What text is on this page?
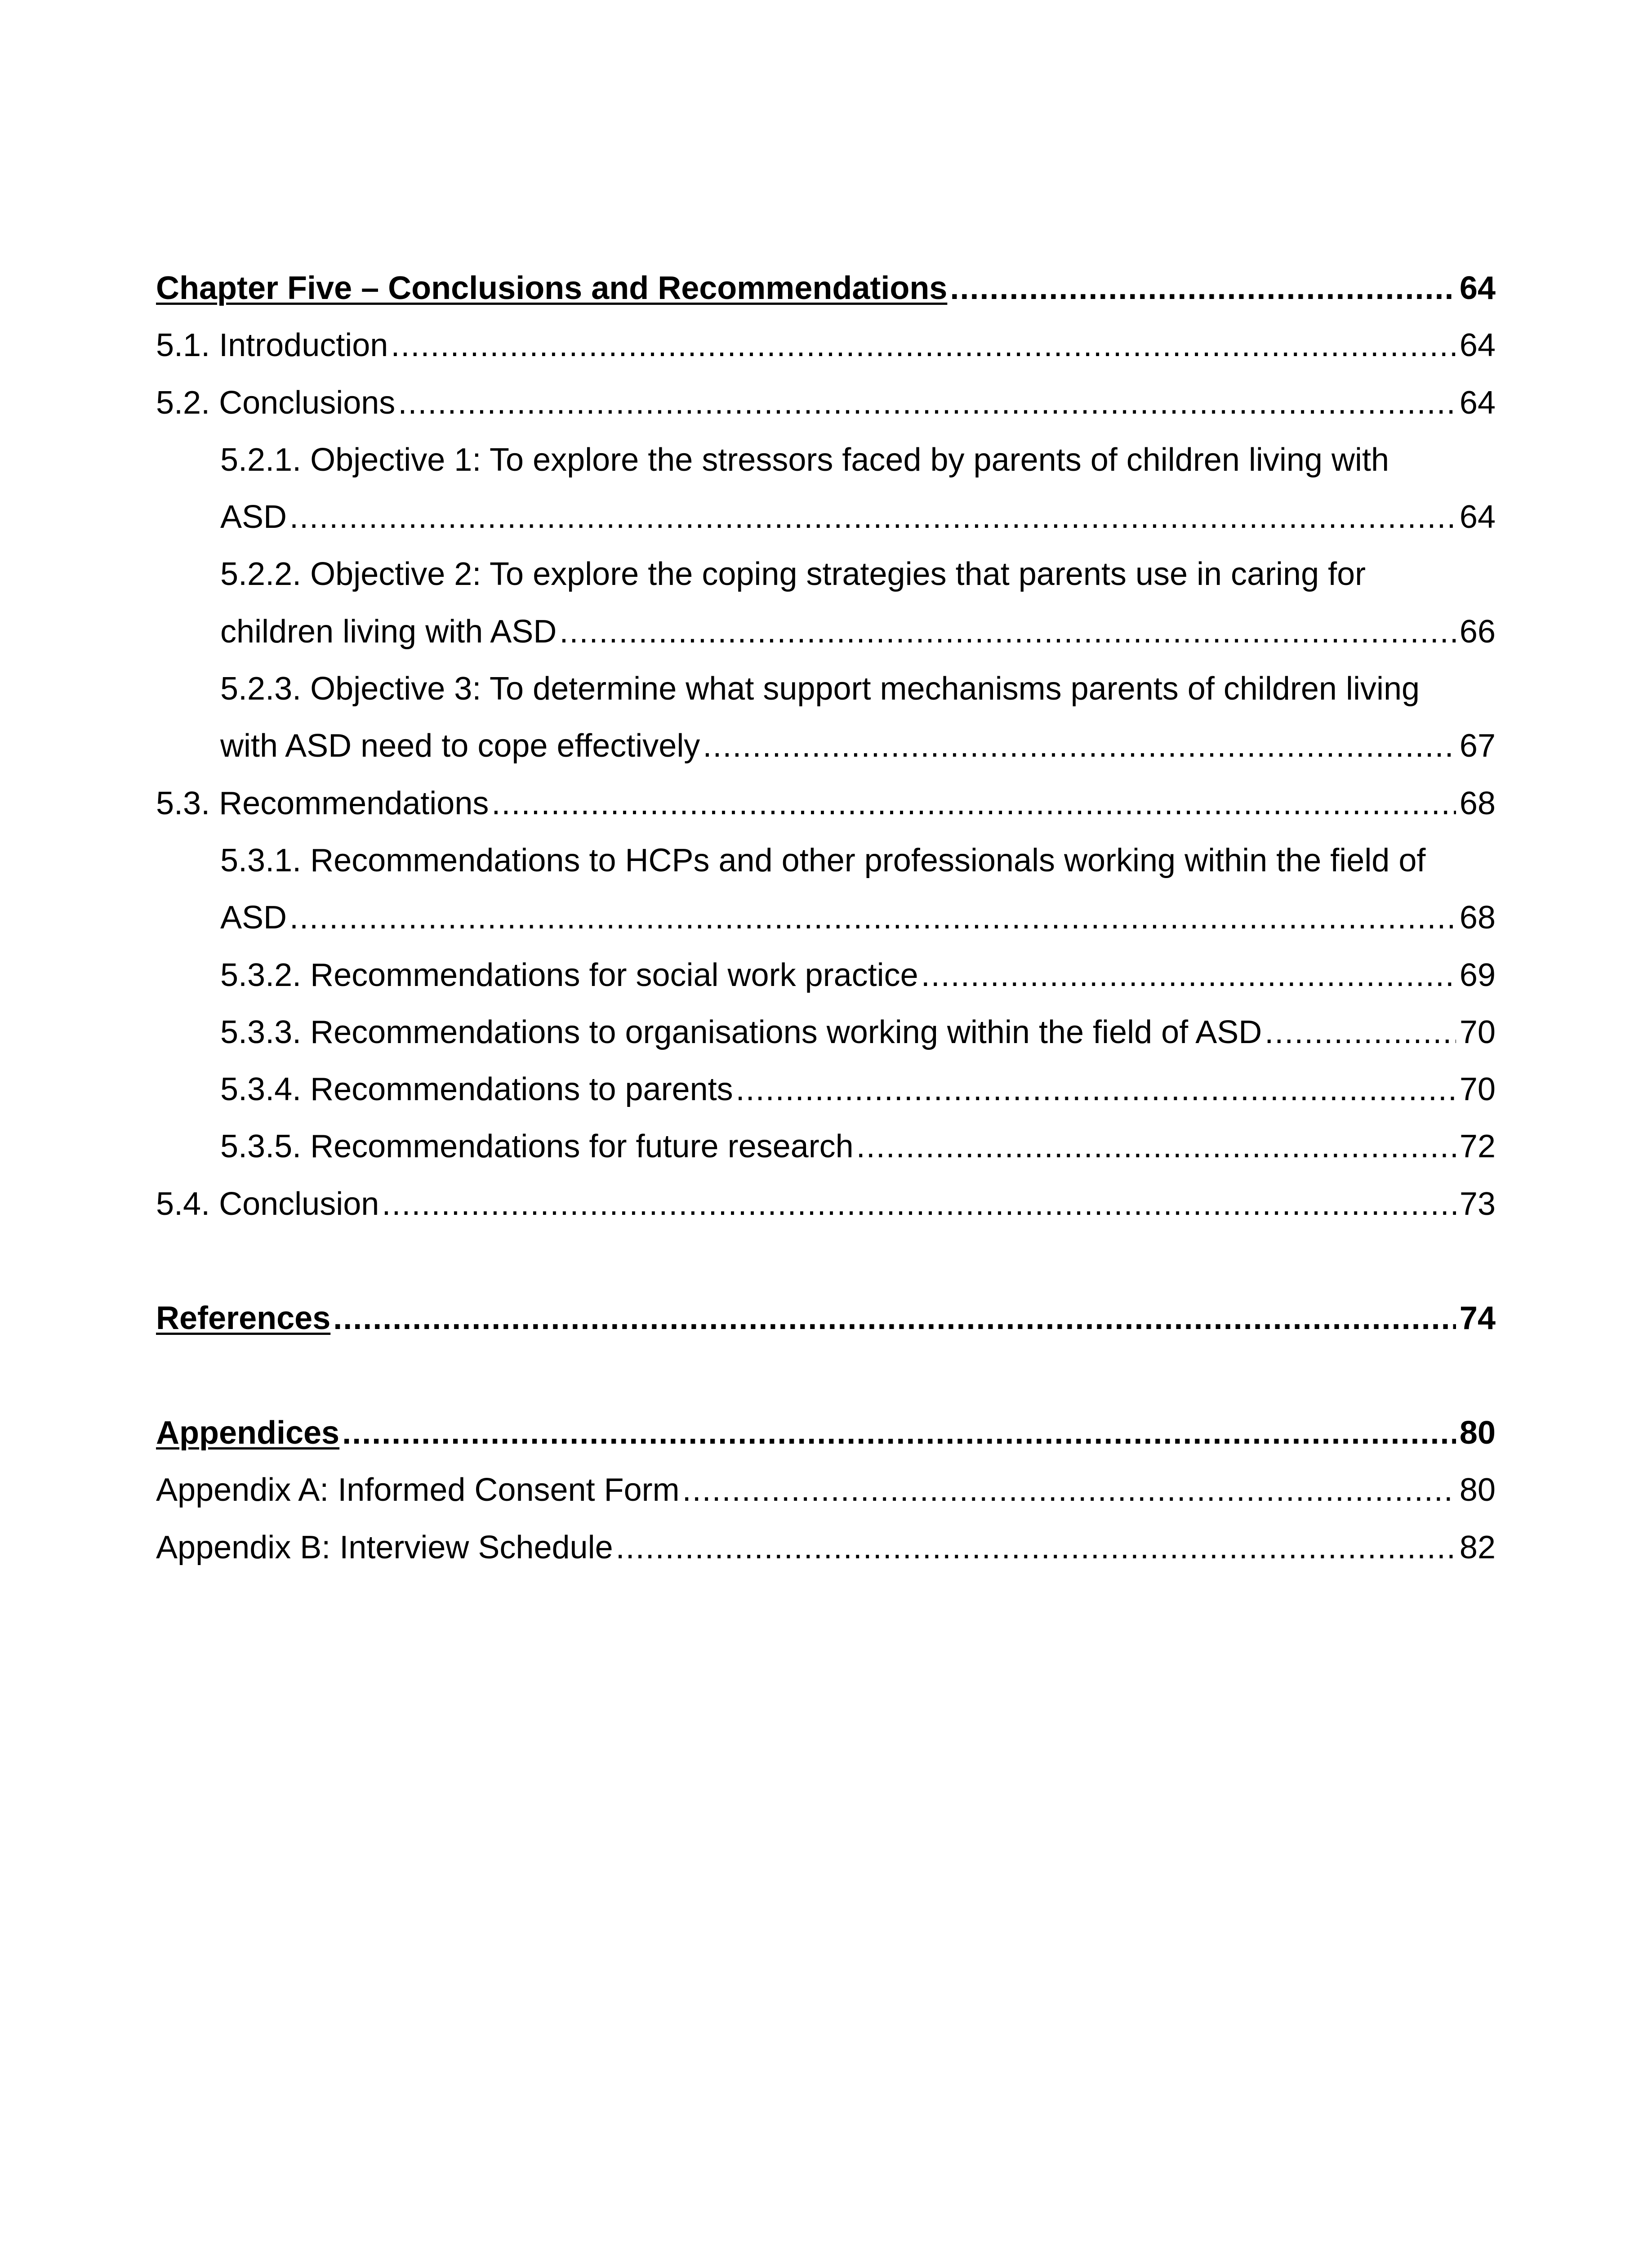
Chapter Five – Conclusions and Recommendations .....	64
5.1. Introduction .....	64
5.2. Conclusions .....	64
5.2.1. Objective 1: To explore the stressors faced by parents of children living with
ASD .....	64
5.2.2. Objective 2: To explore the coping strategies that parents use in caring for
children living with ASD .....	66
5.2.3. Objective 3: To determine what support mechanisms parents of children living
with ASD need to cope effectively .....	67
5.3. Recommendations .....	68
5.3.1. Recommendations to HCPs and other professionals working within the field of
ASD .....	68
5.3.2. Recommendations for social work practice .....	69
5.3.3. Recommendations to organisations working within the field of ASD .....	70
5.3.4. Recommendations to parents .....	70
5.3.5. Recommendations for future research .....	72
5.4. Conclusion .....	73
References .....	74
Appendices .....	80
Appendix A: Informed Consent Form .....	80
Appendix B: Interview Schedule .....	82
